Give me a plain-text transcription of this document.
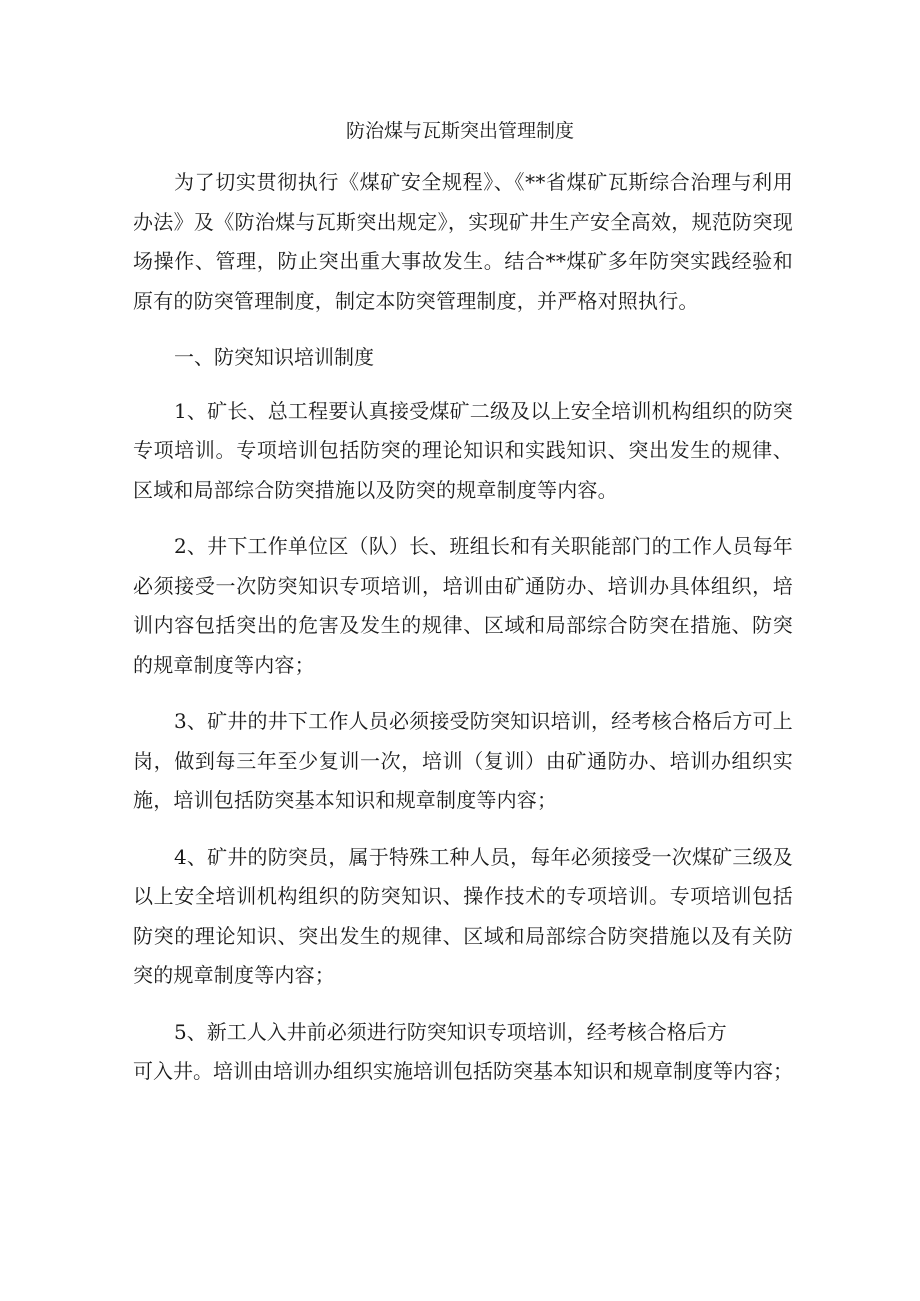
防治煤与瓦斯突出管理制度

为了切实贯彻执行《煤矿安全规程》、《**省煤矿瓦斯综合治理与利用办法》及《防治煤与瓦斯突出规定》，实现矿井生产安全高效，规范防突现场操作、管理，防止突出重大事故发生。结合**煤矿多年防突实践经验和原有的防突管理制度，制定本防突管理制度，并严格对照执行。

一、防突知识培训制度

1、矿长、总工程要认真接受煤矿二级及以上安全培训机构组织的防突专项培训。专项培训包括防突的理论知识和实践知识、突出发生的规律、区域和局部综合防突措施以及防突的规章制度等内容。

2、井下工作单位区（队）长、班组长和有关职能部门的工作人员每年必须接受一次防突知识专项培训，培训由矿通防办、培训办具体组织，培训内容包括突出的危害及发生的规律、区域和局部综合防突在措施、防突的规章制度等内容；

3、矿井的井下工作人员必须接受防突知识培训，经考核合格后方可上岗，做到每三年至少复训一次，培训（复训）由矿通防办、培训办组织实施，培训包括防突基本知识和规章制度等内容；

4、矿井的防突员，属于特殊工种人员，每年必须接受一次煤矿三级及以上安全培训机构组织的防突知识、操作技术的专项培训。专项培训包括防突的理论知识、突出发生的规律、区域和局部综合防突措施以及有关防突的规章制度等内容；

5、新工人入井前必须进行防突知识专项培训，经考核合格后方
可入井。培训由培训办组织实施培训包括防突基本知识和规章制度等内容；
